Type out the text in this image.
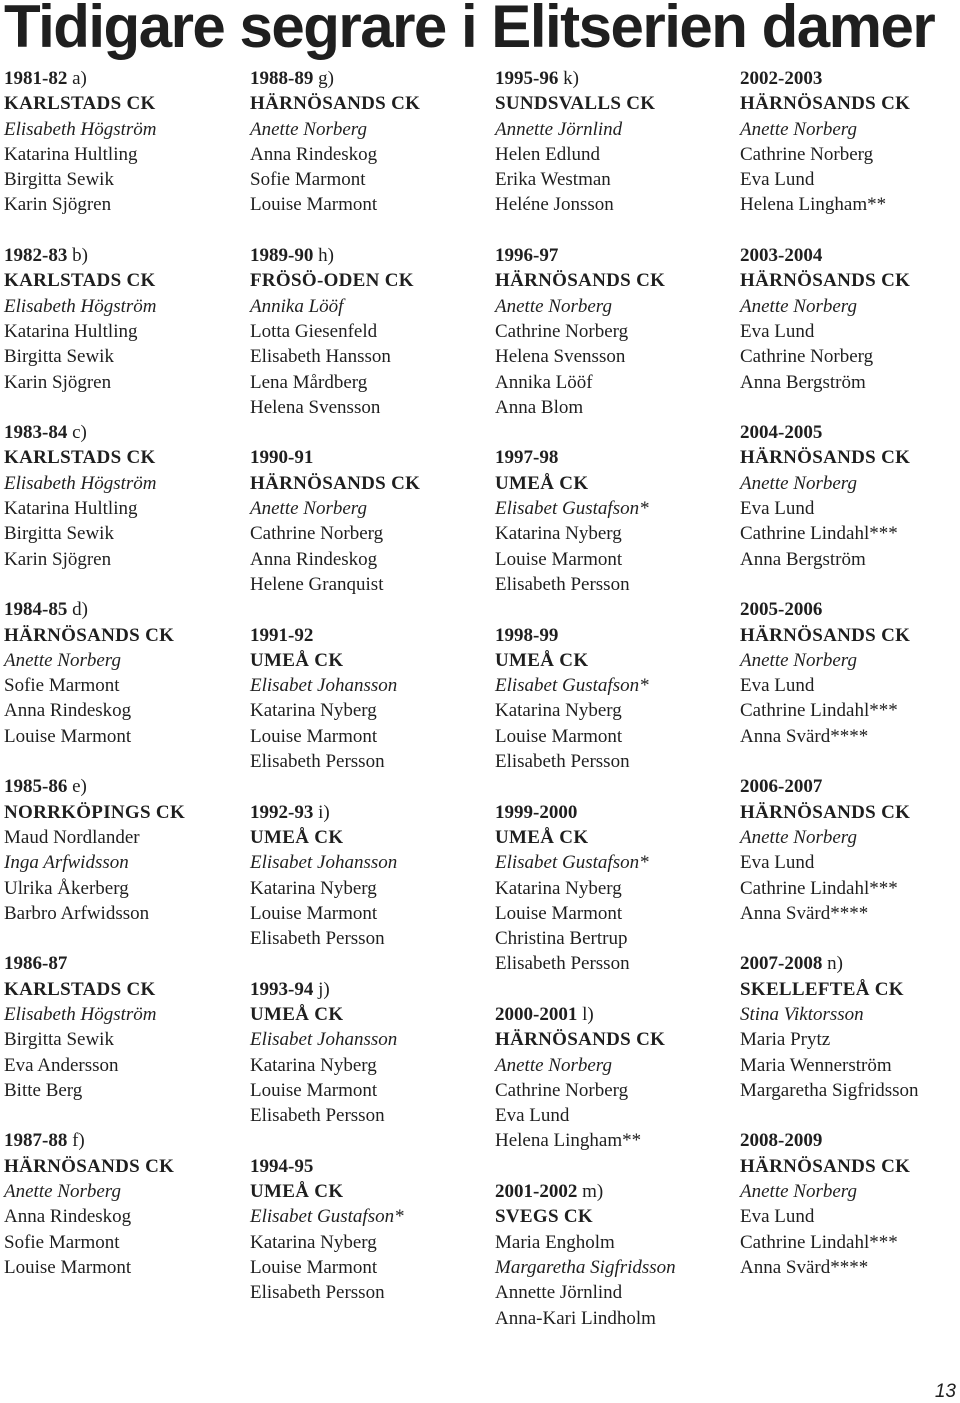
Tidigare segrare i Elitserien damer
1981-82 a)
KARLSTADS CK
Elisabeth Högström
Katarina Hultling
Birgitta Sewik
Karin Sjögren
1982-83 b)
KARLSTADS CK
Elisabeth Högström
Katarina Hultling
Birgitta Sewik
Karin Sjögren
1983-84 c)
KARLSTADS CK
Elisabeth Högström
Katarina Hultling
Birgitta Sewik
Karin Sjögren
1984-85 d)
HÄRNÖSANDS CK
Anette Norberg
Sofie Marmont
Anna Rindeskog
Louise Marmont
1985-86 e)
NORRKÖPINGS CK
Maud Nordlander
Inga Arfwidsson
Ulrika Åkerberg
Barbro Arfwidsson
1986-87
KARLSTADS CK
Elisabeth Högström
Birgitta Sewik
Eva Andersson
Bitte Berg
1987-88 f)
HÄRNÖSANDS CK
Anette Norberg
Anna Rindeskog
Sofie Marmont
Louise Marmont
1988-89 g)
HÄRNÖSANDS CK
Anette Norberg
Anna Rindeskog
Sofie Marmont
Louise Marmont
1989-90 h)
FRÖSÖ-ODEN CK
Annika Lööf
Lotta Giesenfeld
Elisabeth Hansson
Lena Mårdberg
Helena Svensson
1990-91
HÄRNÖSANDS CK
Anette Norberg
Cathrine Norberg
Anna Rindeskog
Helene Granquist
1991-92
UMEÅ CK
Elisabet Johansson
Katarina Nyberg
Louise Marmont
Elisabeth Persson
1992-93 i)
UMEÅ CK
Elisabet Johansson
Katarina Nyberg
Louise Marmont
Elisabeth Persson
1993-94 j)
UMEÅ CK
Elisabet Johansson
Katarina Nyberg
Louise Marmont
Elisabeth Persson
1994-95
UMEÅ CK
Elisabet Gustafson*
Katarina Nyberg
Louise Marmont
Elisabeth Persson
1995-96 k)
SUNDSVALLS CK
Annette Jörnlind
Helen Edlund
Erika Westman
Heléne Jonsson
1996-97
HÄRNÖSANDS CK
Anette Norberg
Cathrine Norberg
Helena Svensson
Annika Lööf
Anna Blom
1997-98
UMEÅ CK
Elisabet Gustafson*
Katarina Nyberg
Louise Marmont
Elisabeth Persson
1998-99
UMEÅ CK
Elisabet Gustafson*
Katarina Nyberg
Louise Marmont
Elisabeth Persson
1999-2000
UMEÅ CK
Elisabet Gustafson*
Katarina Nyberg
Louise Marmont
Christina Bertrup
Elisabeth Persson
2000-2001 l)
HÄRNÖSANDS CK
Anette Norberg
Cathrine Norberg
Eva Lund
Helena Lingham**
2001-2002 m)
SVEGS CK
Maria Engholm
Margaretha Sigfridsson
Annette Jörnlind
Anna-Kari Lindholm
2002-2003
HÄRNÖSANDS CK
Anette Norberg
Cathrine Norberg
Eva Lund
Helena Lingham**
2003-2004
HÄRNÖSANDS CK
Anette Norberg
Eva Lund
Cathrine Norberg
Anna Bergström
2004-2005
HÄRNÖSANDS CK
Anette Norberg
Eva Lund
Cathrine Lindahl***
Anna Bergström
2005-2006
HÄRNÖSANDS CK
Anette Norberg
Eva Lund
Cathrine Lindahl***
Anna Svärd****
2006-2007
HÄRNÖSANDS CK
Anette Norberg
Eva Lund
Cathrine Lindahl***
Anna Svärd****
2007-2008 n)
SKELLEFTEÅ CK
Stina Viktorsson
Maria Prytz
Maria Wennerström
Margaretha Sigfridsson
2008-2009
HÄRNÖSANDS CK
Anette Norberg
Eva Lund
Cathrine Lindahl***
Anna Svärd****

13
